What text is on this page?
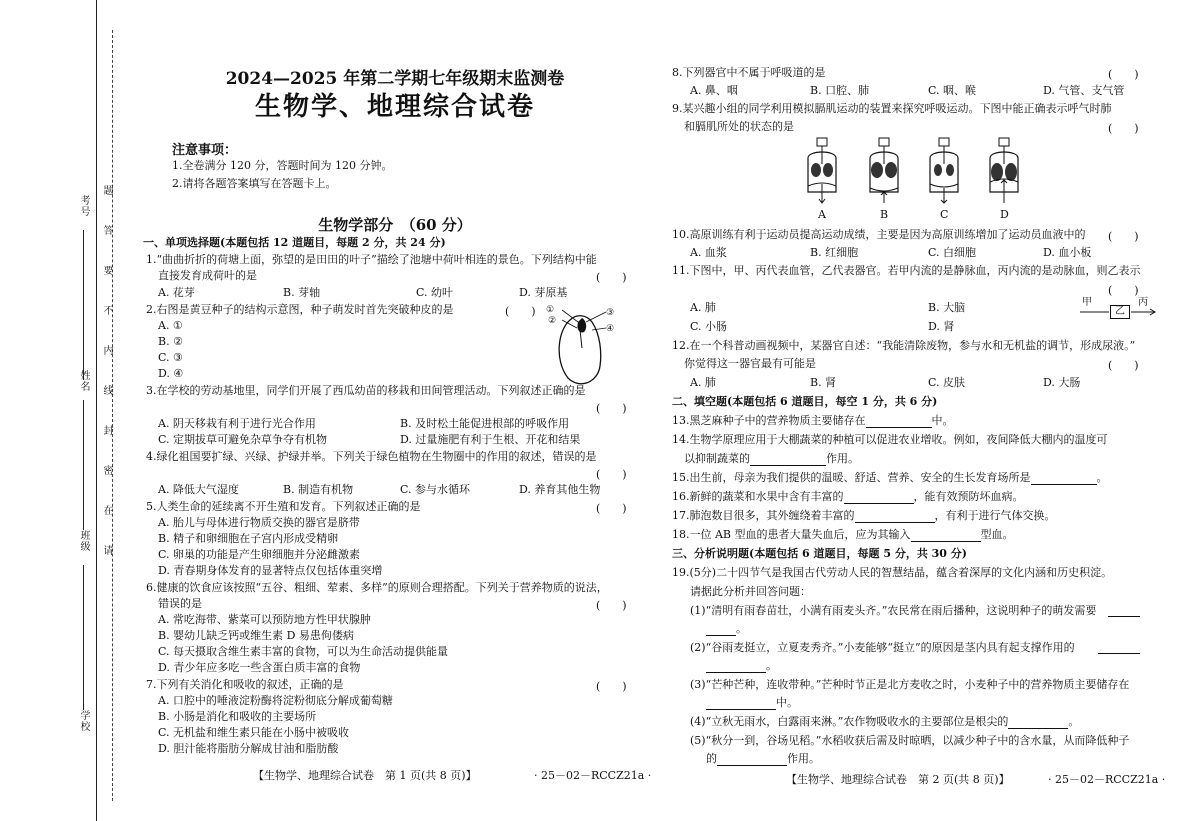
考号
姓名
班级
学校
请
在
密
封
线
内
不
要
答
题
2024—2025 年第二学期七年级期末监测卷
生物学、地理综合试卷
注意事项：
1.全卷满分 120 分，答题时间为 120 分钟。
2.请将各题答案填写在答题卡上。
生物学部分　（60 分）
一、单项选择题(本题包括 12 道题目，每题 2 分，共 24 分)
1.“曲曲折折的荷塘上面，弥望的是田田的叶子”描绘了池塘中荷叶相连的景色。下列结构中能
直接发育成荷叶的是	(　　)
A. 花芽	B. 芽轴	C. 幼叶	D. 芽原基
2.右图是黄豆种子的结构示意图，种子萌发时首先突破种皮的是	(　　)
A. ①
B. ②
C. ③
D. ④
①
②
③
④
3.在学校的劳动基地里，同学们开展了西瓜幼苗的移栽和田间管理活动。下列叙述正确的是
(　　)
A. 阴天移栽有利于进行光合作用	B. 及时松土能促进根部的呼吸作用
C. 定期拔草可避免杂草争夺有机物	D. 过量施肥有利于生根、开花和结果
4.绿化祖国要扩绿、兴绿、护绿并举。下列关于绿色植物在生物圈中的作用的叙述，错误的是
(　　)
A. 降低大气湿度	B. 制造有机物	C. 参与水循环	D. 养育其他生物
5.人类生命的延续离不开生殖和发育。下列叙述正确的是	(　　)
A. 胎儿与母体进行物质交换的器官是脐带
B. 精子和卵细胞在子宫内形成受精卵
C. 卵巢的功能是产生卵细胞并分泌雌激素
D. 青春期身体发育的显著特点仅包括体重突增
6.健康的饮食应该按照“五谷、粗细、荤素、多样”的原则合理搭配。下列关于营养物质的说法，
错误的是	(　　)
A. 常吃海带、紫菜可以预防地方性甲状腺肿
B. 婴幼儿缺乏钙或维生素 D 易患佝偻病
C. 每天摄取含维生素丰富的食物，可以为生命活动提供能量
D. 青少年应多吃一些含蛋白质丰富的食物
7.下列有关消化和吸收的叙述，正确的是	(　　)
A. 口腔中的唾液淀粉酶将淀粉彻底分解成葡萄糖
B. 小肠是消化和吸收的主要场所
C. 无机盐和维生素只能在小肠中被吸收
D. 胆汁能将脂肪分解成甘油和脂肪酸
【生物学、地理综合试卷　第 1 页(共 8 页)】	· 25－02－RCCZ21a ·
8.下列器官中不属于呼吸道的是	(　　)
A. 鼻、咽	B. 口腔、肺	C. 咽、喉	D. 气管、支气管
9.某兴趣小组的同学利用模拟膈肌运动的装置来探究呼吸运动。下图中能正确表示呼气时肺
和膈肌所处的状态的是	(　　)
A	B	C	D
10.高原训练有利于运动员提高运动成绩，主要是因为高原训练增加了运动员血液中的 (　　)
A. 血浆	B. 红细胞	C. 白细胞	D. 血小板
11.下图中，甲、丙代表血管，乙代表器官。若甲内流的是静脉血，丙内流的是动脉血，则乙表示
(　　)
A. 肺	B. 大脑
C. 小肠	D. 肾
甲
乙
丙
12.在一个科普动画视频中，某器官自述：“我能清除废物，参与水和无机盐的调节，形成尿液。”
你觉得这一器官最有可能是	(　　)
A. 肺	B. 肾	C. 皮肤	D. 大肠
二、填空题(本题包括 6 道题目，每空 1 分，共 6 分)
13.黑芝麻种子中的营养物质主要储存在	中。
14.生物学原理应用于大棚蔬菜的种植可以促进农业增收。例如，夜间降低大棚内的温度可
以抑制蔬菜的	作用。
15.出生前，母亲为我们提供的温暖、舒适、营养、安全的生长发育场所是	。
16.新鲜的蔬菜和水果中含有丰富的	，能有效预防坏血病。
17.肺泡数目很多，其外缠绕着丰富的	，有利于进行气体交换。
18.一位 AB 型血的患者大量失血后，应为其输入	型血。
三、分析说明题(本题包括 6 道题目，每题 5 分，共 30 分)
19.(5分)二十四节气是我国古代劳动人民的智慧结晶，蕴含着深厚的文化内涵和历史积淀。
请据此分析并回答问题：
(1)“清明有雨春苗壮，小满有雨麦头齐。”农民常在雨后播种，这说明种子的萌发需要
。
(2)“谷雨麦挺立，立夏麦秀齐。”小麦能够“挺立”的原因是茎内具有起支撑作用的
。
(3)“芒种芒种，连收带种。”芒种时节正是北方麦收之时，小麦种子中的营养物质主要储存在
中。
(4)“立秋无雨水，白露雨来淋。”农作物吸收水的主要部位是根尖的	。
(5)“秋分一到，谷场见稻。”水稻收获后需及时晾晒，以减少种子中的含水量，从而降低种子
的	作用。
【生物学、地理综合试卷　第 2 页(共 8 页)】	· 25－02－RCCZ21a ·
